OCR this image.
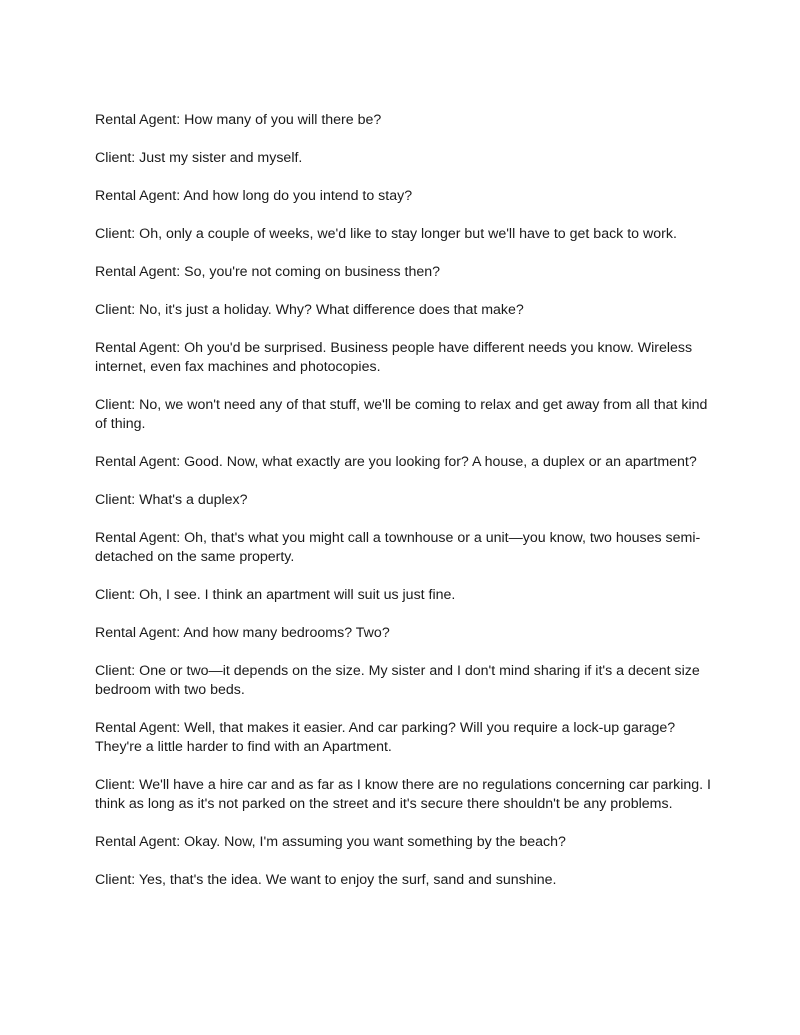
Rental Agent: How many of you will there be?

Client: Just my sister and myself.

Rental Agent: And how long do you intend to stay?

Client: Oh, only a couple of weeks, we'd like to stay longer but we'll have to get back to work.

Rental Agent: So, you're not coming on business then?

Client: No, it's just a holiday. Why? What difference does that make?

Rental Agent: Oh you'd be surprised. Business people have different needs you know. Wireless internet, even fax machines and photocopies.

Client: No, we won't need any of that stuff, we'll be coming to relax and get away from all that kind of thing.

Rental Agent: Good. Now, what exactly are you looking for? A house, a duplex or an apartment?

Client: What's a duplex?

Rental Agent: Oh, that's what you might call a townhouse or a unit—you know, two houses semi-detached on the same property.

Client: Oh, I see. I think an apartment will suit us just fine.

Rental Agent: And how many bedrooms? Two?

Client: One or two—it depends on the size. My sister and I don't mind sharing if it's a decent size bedroom with two beds.

Rental Agent: Well, that makes it easier. And car parking? Will you require a lock-up garage? They're a little harder to find with an Apartment.

Client: We'll have a hire car and as far as I know there are no regulations concerning car parking. I think as long as it's not parked on the street and it's secure there shouldn't be any problems.

Rental Agent: Okay. Now, I'm assuming you want something by the beach?

Client: Yes, that's the idea. We want to enjoy the surf, sand and sunshine.
